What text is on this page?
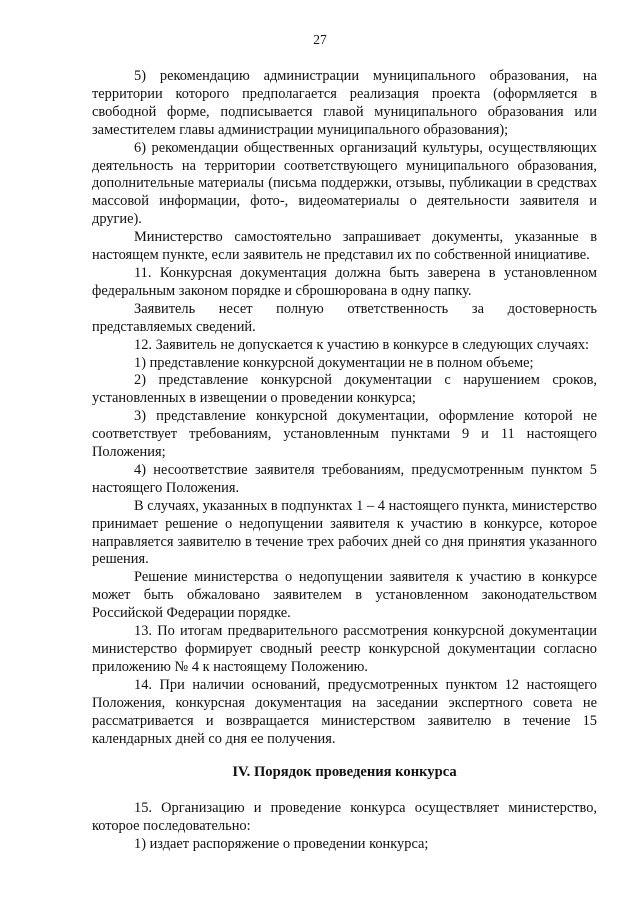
27

5) рекомендацию администрации муниципального образования, на территории которого предполагается реализация проекта (оформляется в свободной форме, подписывается главой муниципального образования или заместителем главы администрации муниципального образования);

6) рекомендации общественных организаций культуры, осуществляющих деятельность на территории соответствующего муниципального образования, дополнительные материалы (письма поддержки, отзывы, публикации в средствах массовой информации, фото-, видеоматериалы о деятельности заявителя и другие).

Министерство самостоятельно запрашивает документы, указанные в настоящем пункте, если заявитель не представил их по собственной инициативе.

11. Конкурсная документация должна быть заверена в установленном федеральным законом порядке и сброшюрована в одну папку.

Заявитель несет полную ответственность за достоверность представляемых сведений.

12. Заявитель не допускается к участию в конкурсе в следующих случаях:

1) представление конкурсной документации не в полном объеме;

2) представление конкурсной документации с нарушением сроков, установленных в извещении о проведении конкурса;

3) представление конкурсной документации, оформление которой не соответствует требованиям, установленным пунктами 9 и 11 настоящего Положения;

4) несоответствие заявителя требованиям, предусмотренным пунктом 5 настоящего Положения.

В случаях, указанных в подпунктах 1 – 4 настоящего пункта, министерство принимает решение о недопущении заявителя к участию в конкурсе, которое направляется заявителю в течение трех рабочих дней со дня принятия указанного решения.

Решение министерства о недопущении заявителя к участию в конкурсе может быть обжаловано заявителем в установленном законодательством Российской Федерации порядке.

13. По итогам предварительного рассмотрения конкурсной документации министерство формирует сводный реестр конкурсной документации согласно приложению № 4 к настоящему Положению.

14. При наличии оснований, предусмотренных пунктом 12 настоящего Положения, конкурсная документация на заседании экспертного совета не рассматривается и возвращается министерством заявителю в течение 15 календарных дней со дня ее получения.

IV. Порядок проведения конкурса

15. Организацию и проведение конкурса осуществляет министерство, которое последовательно:

1) издает распоряжение о проведении конкурса;
